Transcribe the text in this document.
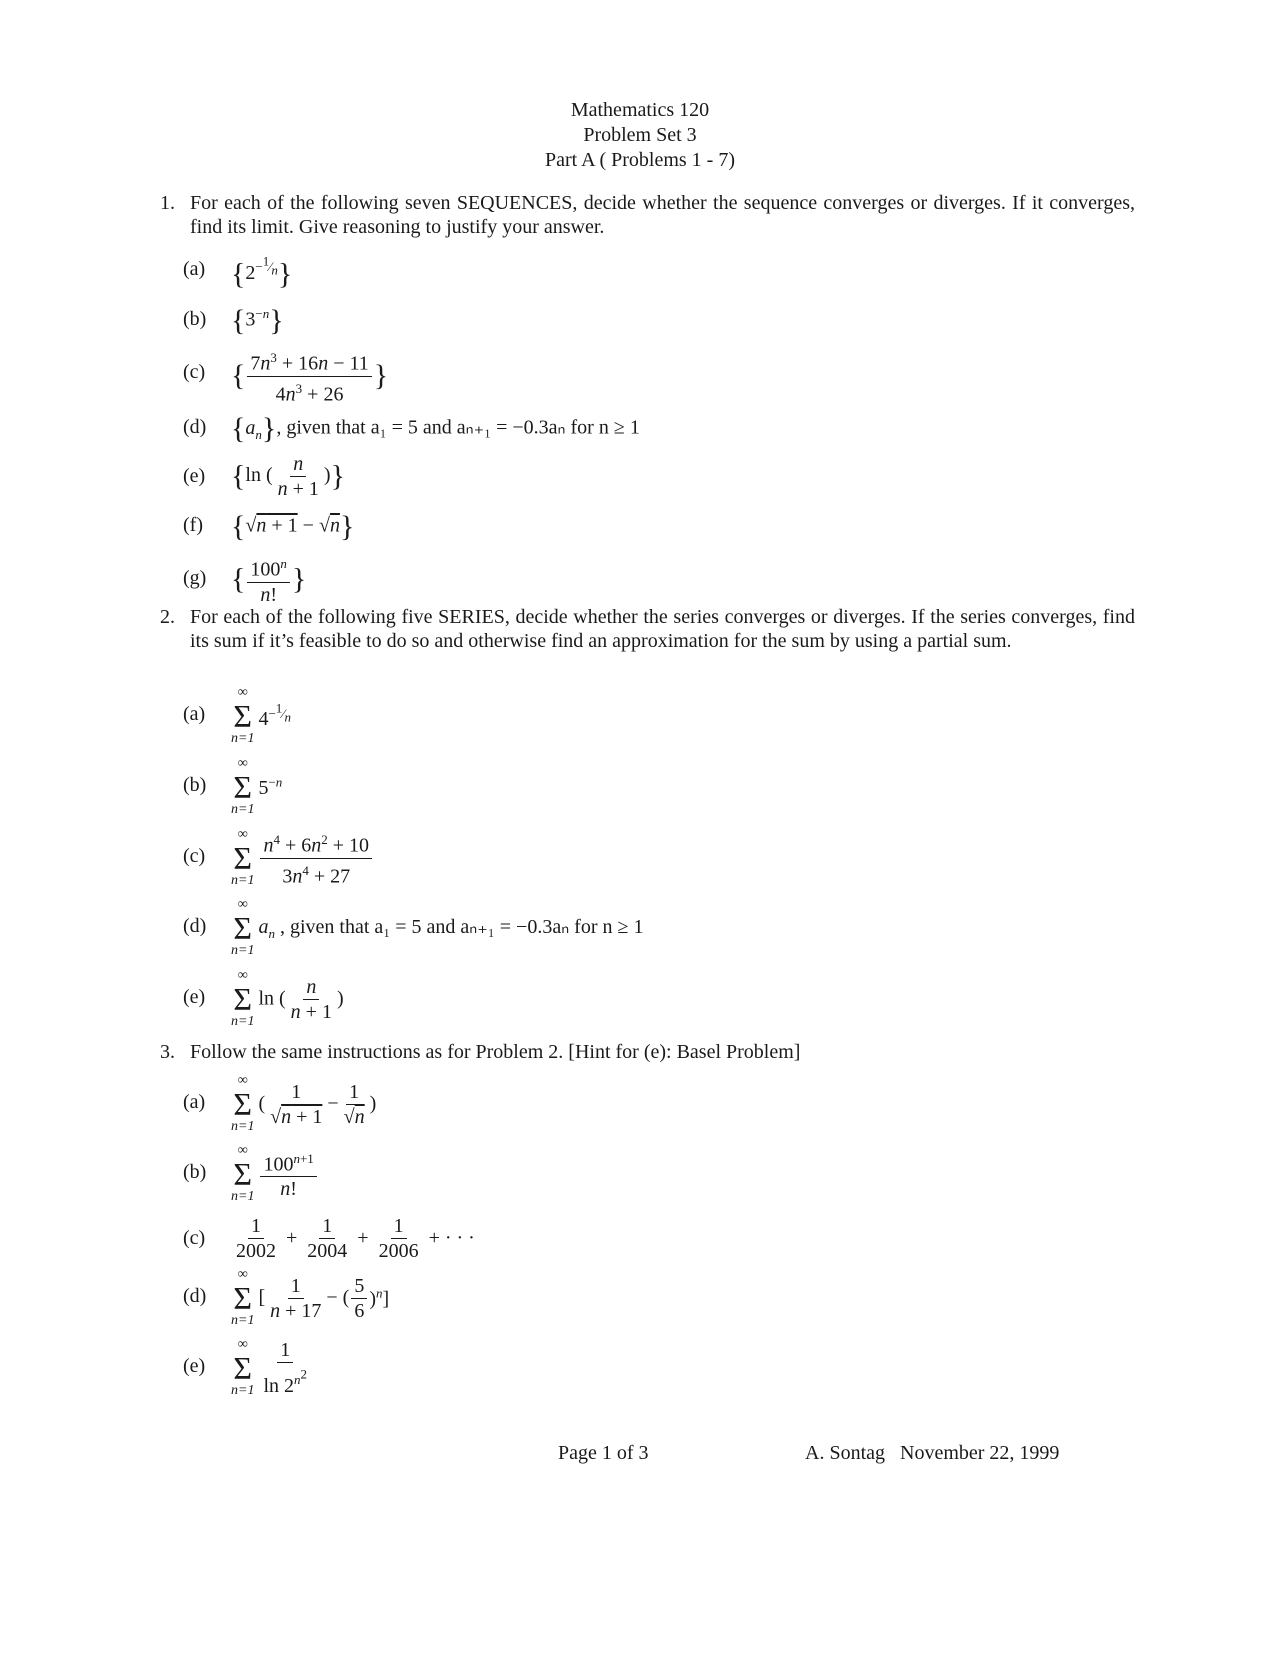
Mathematics 120
Problem Set 3
Part A ( Problems 1 - 7)
1. For each of the following seven SEQUENCES, decide whether the sequence converges or diverges. If it converges, find its limit. Give reasoning to justify your answer.
(a) $\{2^{-^1⁄_n}\}$
(b) $\{3^{-n}\}$
(c) { $\frac{7n^3 + 16n - 11}{4n^3 + 26}$ }
(d) $\{a_n\}$, given that a₁ = 5 and aₙ₊₁ = −0.3aₙ for n ≥ 1
(e) {ln ( $\frac{n}{n + 1}$ )}
(f) {√n + 1 − √n}
(g) { $\frac{100^n}{n!}$ }
2. For each of the following five SERIES, decide whether the series converges or diverges. If the series converges, find its sum if it’s feasible to do so and otherwise find an approximation for the sum by using a partial sum.
(a)
∞
Σ
n=1
$4^{-^1⁄_n}$
(b)
∞
Σ
n=1
$5^{-n}$
(c)
∞
Σ
$n=1 \frac{n^4 + 6n^2 + 10}{3n^4 + 27}$
(d)
∞
Σ
n=1
$a_n$ , given that a₁ = 5 and aₙ₊₁ = −0.3aₙ for n ≥ 1
(e)
∞
Σ
n=1
ln ( $\frac{n}{n + 1}$ )
3. Follow the same instructions as for Problem 2. [Hint for (e): Basel Problem]
(a)
∞
Σ
n=1
( $\frac{1}{√n + 1} - \frac{1}{√n}$ )
(b)
∞
Σ
$n=1 \frac{100^{n+1}}{n!}$
(c)	$\frac{1}{2002} + \frac{1}{2004} + \frac{1}{2006}$ + · · ·
(d)
∞
Σ
n=1
[ $\frac{1}{n + 17}$ − ( $\frac{5}{6} )^n$]
(e)
∞
Σ
$n=1 \frac{1}{\ln 2^{n^2}}$
Page 1 of 3	A. Sontag   November 22, 1999
